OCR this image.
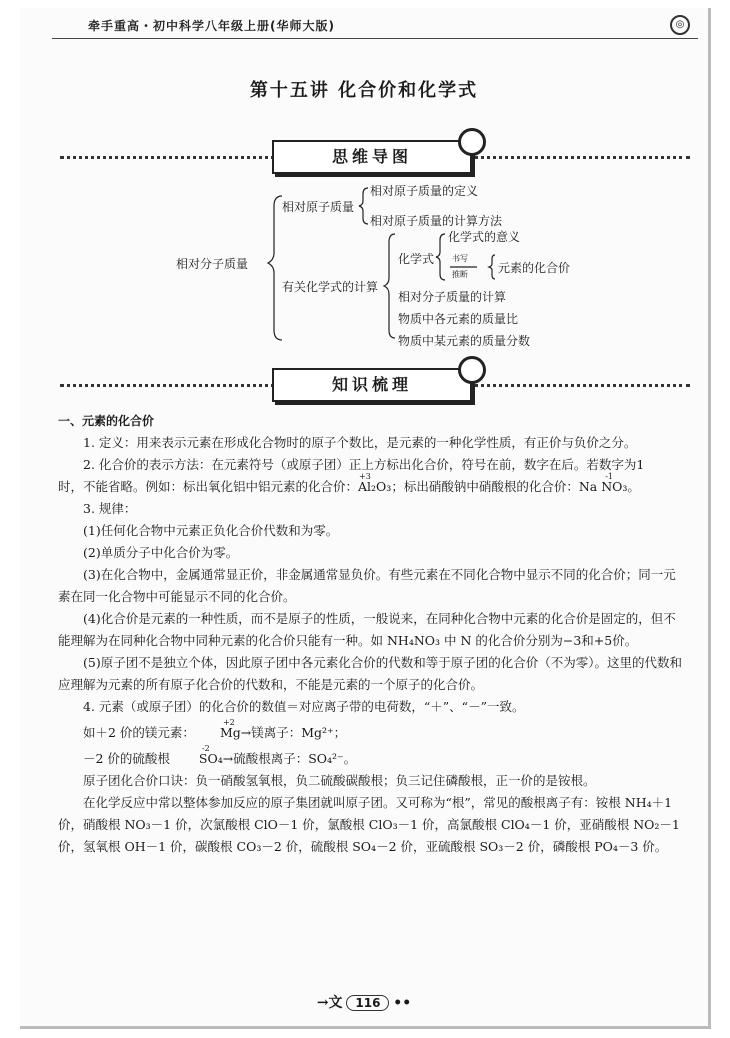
牵手重高・初中科学八年级上册(华师大版)	◎
第十五讲 化合价和化学式
思维导图
相对分子质量
相对原子质量
相对原子质量的定义
相对原子质量的计算方法
有关化学式的计算
化学式
化学式的意义
书写
推断	元素的化合价
相对分子质量的计算
物质中各元素的质量比
物质中某元素的质量分数
知识梳理

一、元素的化合价

1. 定义：用来表示元素在形成化合物时的原子个数比，是元素的一种化学性质，有正价与负价之分。

2. 化合价的表示方法：在元素符号（或原子团）正上方标出化合价，符号在前，数字在后。若数字为1

时，不能省略。例如：标出氧化铝中铝元素的化合价：
+3
Al₂O₃；标出硝酸钠中硝酸根的化合价：Na
-1
NO₃。

3. 规律：

(1)任何化合物中元素正负化合价代数和为零。

(2)单质分子中化合价为零。

(3)在化合物中，金属通常显正价，非金属通常显负价。有些元素在不同化合物中显示不同的化合价；同一元素在同一化合物中可能显示不同的化合价。

(4)化合价是元素的一种性质，而不是原子的性质，一般说来，在同种化合物中元素的化合价是固定的，但不能理解为在同种化合物中同种元素的化合价只能有一种。如 NH₄NO₃ 中 N 的化合价分别为−3和+5价。

(5)原子团不是独立个体，因此原子团中各元素化合价的代数和等于原子团的化合价（不为零）。这里的代数和应理解为元素的所有原子化合价的代数和，不能是元素的一个原子的化合价。

4. 元素（或原子团）的化合价的数值＝对应离子带的电荷数，“＋”、“－”一致。

如＋2 价的镁元素：
+2
Mg→镁离子：Mg²⁺；

－2 价的硫酸根
-2
SO₄→硫酸根离子：SO₄²⁻。

原子团化合价口诀：负一硝酸氢氧根，负二硫酸碳酸根；负三记住磷酸根，正一价的是铵根。

在化学反应中常以整体参加反应的原子集团就叫原子团。又可称为“根”，常见的酸根离子有：铵根 NH₄＋1 价，硝酸根 NO₃－1 价，次氯酸根 ClO－1 价，氯酸根 ClO₃－1 价，高氯酸根 ClO₄－1 价，亚硝酸根 NO₂－1 价，氢氧根 OH－1 价，碳酸根 CO₃－2 价，硫酸根 SO₄－2 价，亚硫酸根 SO₃－2 价，磷酸根 PO₄－3 价。

→文 116 ••
